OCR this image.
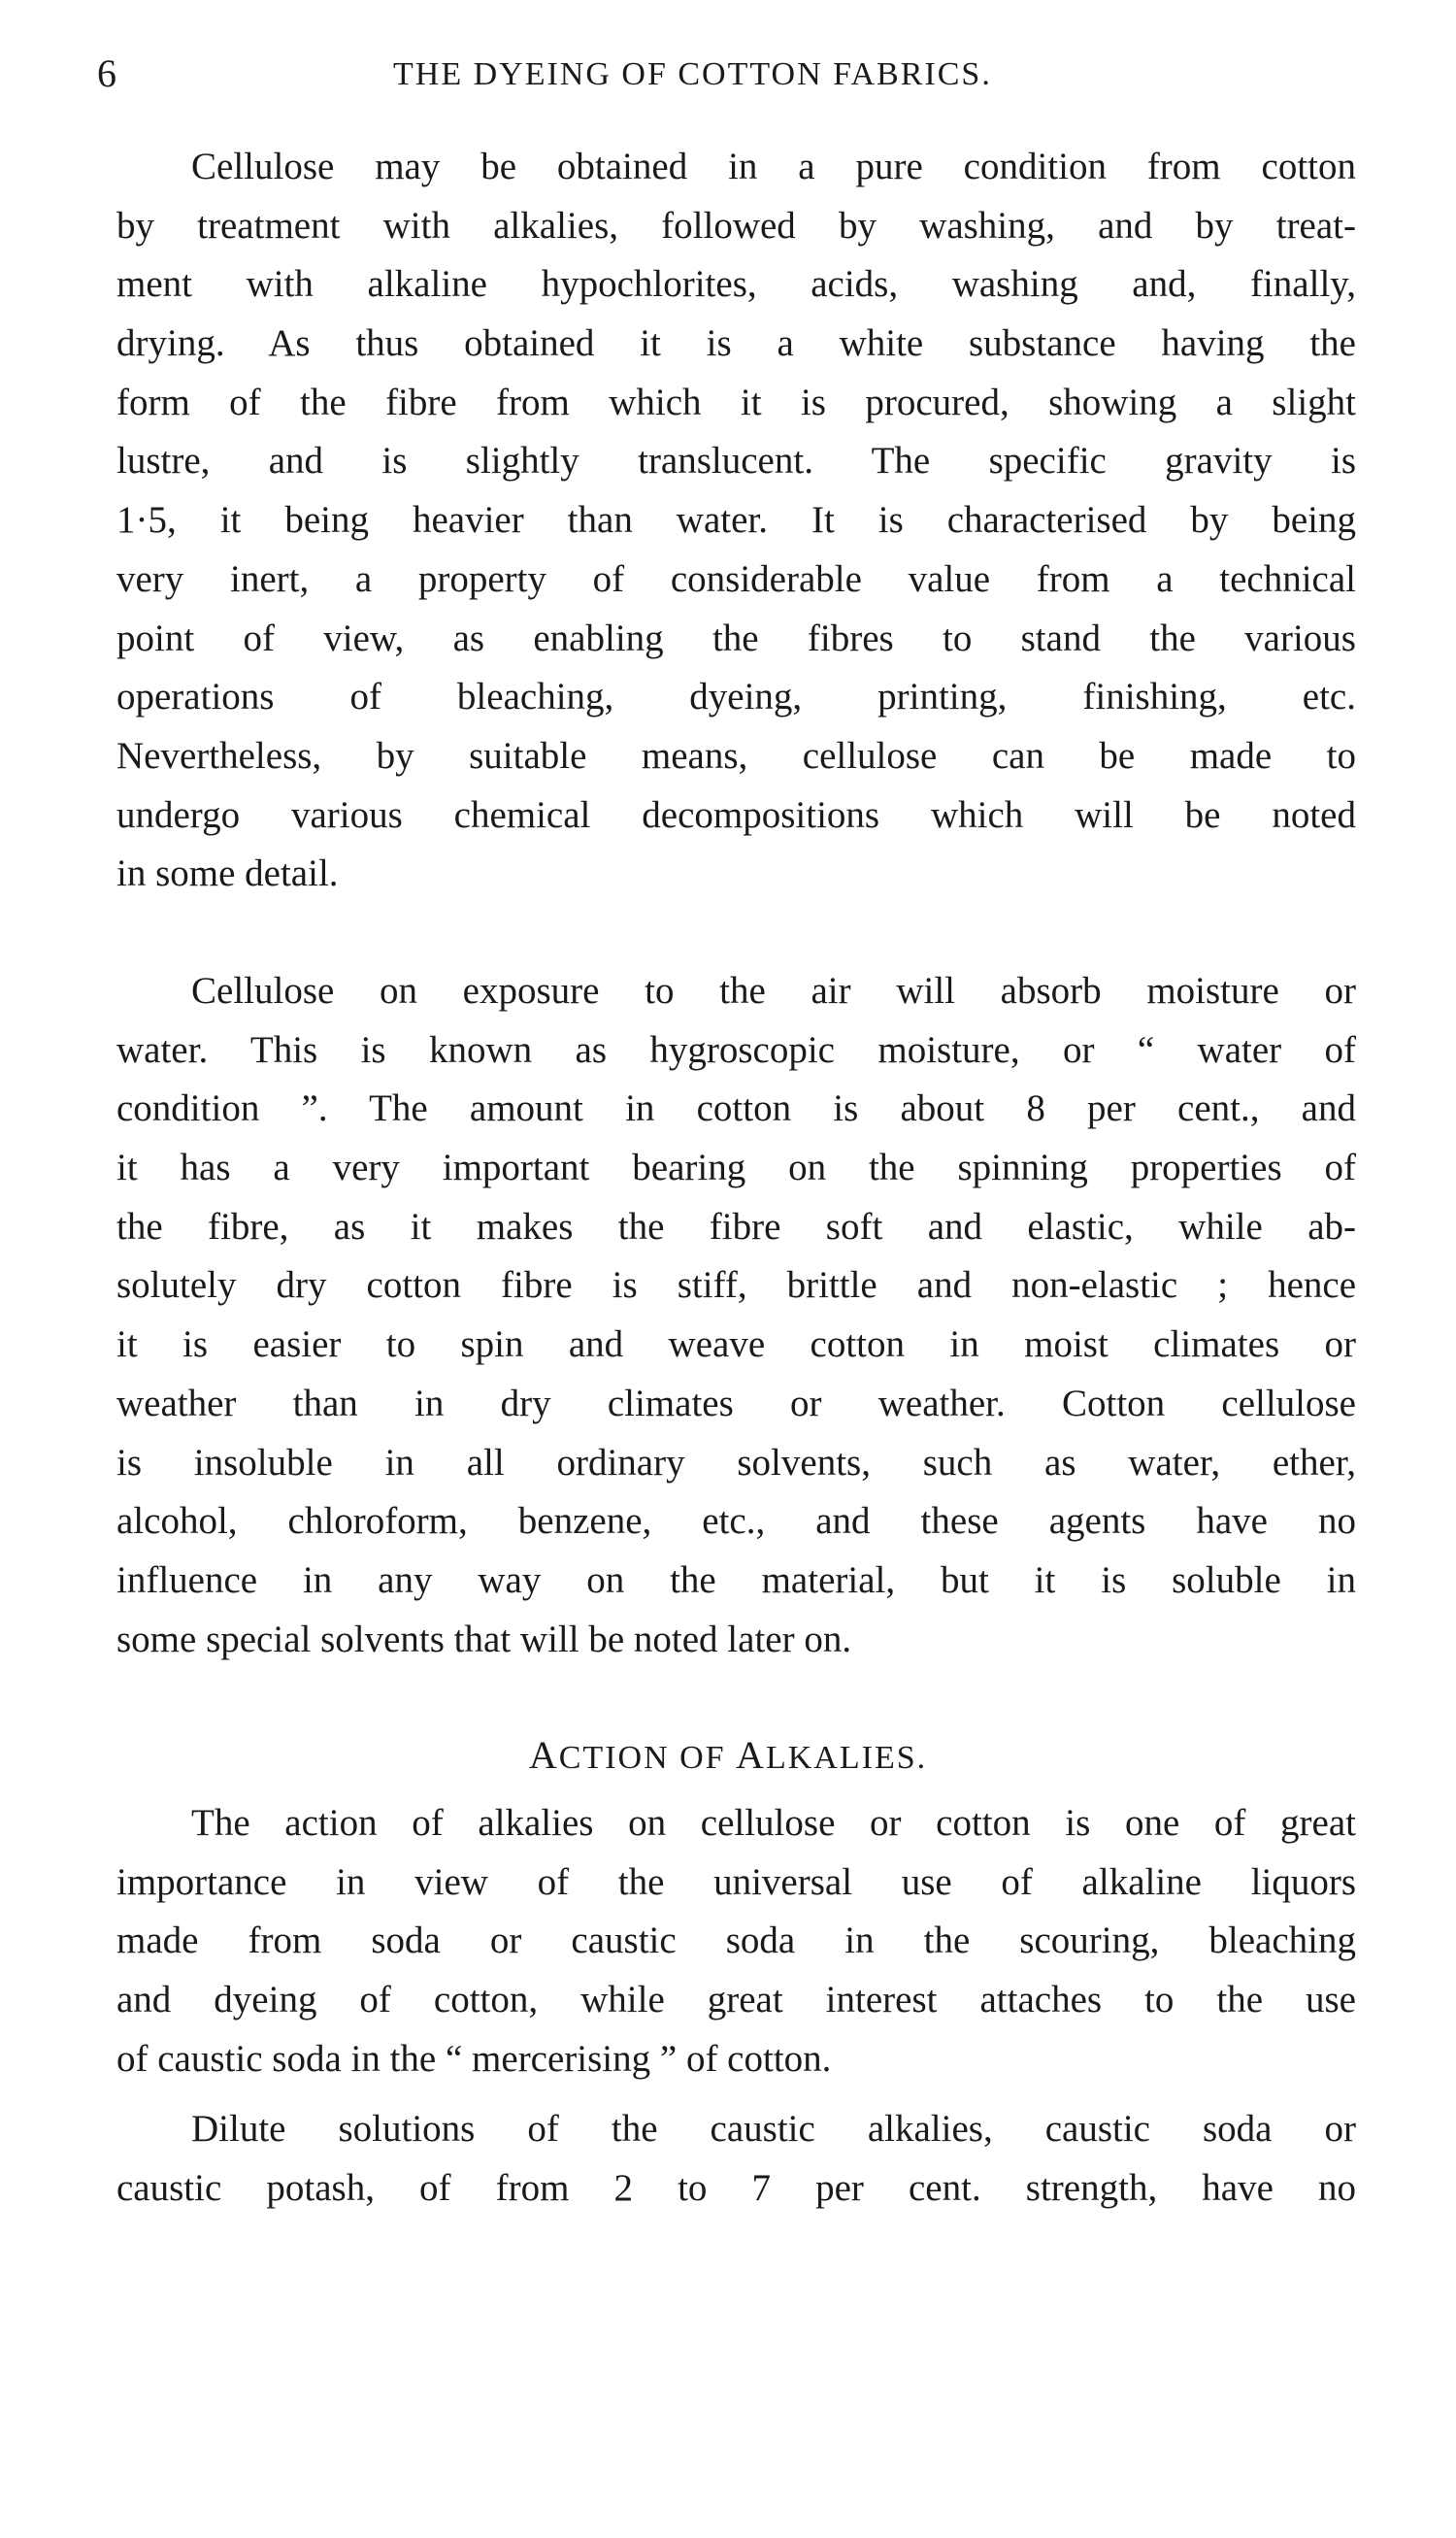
6	THE DYEING OF COTTON FABRICS.
Cellulose may be obtained in a pure condition from cotton
by treatment with alkalies, followed by washing, and by treat-
ment with alkaline hypochlorites, acids, washing and, finally,
drying. As thus obtained it is a white substance having the
form of the fibre from which it is procured, showing a slight
lustre, and is slightly translucent. The specific gravity is
1·5, it being heavier than water. It is characterised by being
very inert, a property of considerable value from a technical
point of view, as enabling the fibres to stand the various
operations of bleaching, dyeing, printing, finishing, etc.
Nevertheless, by suitable means, cellulose can be made to
undergo various chemical decompositions which will be noted
in some detail.
Cellulose on exposure to the air will absorb moisture or
water. This is known as hygroscopic moisture, or “ water of
condition ”. The amount in cotton is about 8 per cent., and
it has a very important bearing on the spinning properties of
the fibre, as it makes the fibre soft and elastic, while ab-
solutely dry cotton fibre is stiff, brittle and non-elastic ; hence
it is easier to spin and weave cotton in moist climates or
weather than in dry climates or weather. Cotton cellulose
is insoluble in all ordinary solvents, such as water, ether,
alcohol, chloroform, benzene, etc., and these agents have no
influence in any way on the material, but it is soluble in
some special solvents that will be noted later on.
ACTION OF ALKALIES.
The action of alkalies on cellulose or cotton is one of great
importance in view of the universal use of alkaline liquors
made from soda or caustic soda in the scouring, bleaching
and dyeing of cotton, while great interest attaches to the use
of caustic soda in the “ mercerising ” of cotton.
Dilute solutions of the caustic alkalies, caustic soda or
caustic potash, of from 2 to 7 per cent. strength, have no
